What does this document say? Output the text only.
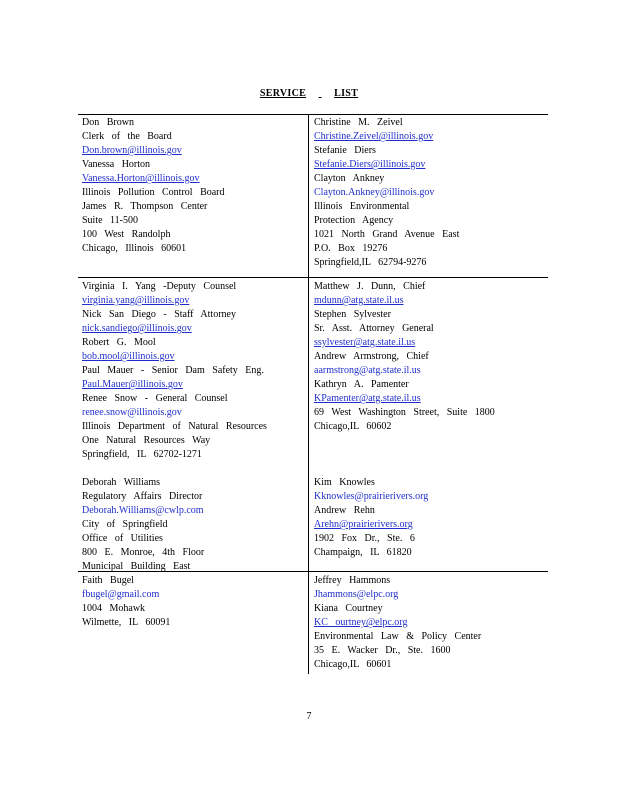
SERVICE	LIST
Don Brown
Clerk of the Board
Don.brown@illinois.gov
Vanessa Horton
Vanessa.Horton@illinois.gov
Illinois Pollution Control Board
James R. Thompson Center
Suite 11-500
100 West Randolph
Chicago, Illinois 60601
Christine M. Zeivel
Christine.Zeivel@illinois.gov
Stefanie Diers
Stefanie.Diers@illinois.gov
Clayton Ankney
Clayton.Ankney@illinois.gov
Illinois Environmental
Protection Agency
1021 North Grand Avenue East
P.O. Box 19276
Springfield,IL 62794-9276
Virginia I. Yang -Deputy Counsel
virginia.yang@illinois.gov
Nick San Diego - Staff Attorney
nick.sandiego@illinois.gov
Robert G. Mool
bob.mool@illinois.gov
Paul Mauer - Senior Dam Safety Eng.
Paul.Mauer@illinois.gov
Renee Snow - General Counsel
renee.snow@illinois.gov
Illinois Department of Natural Resources
One Natural Resources Way
Springfield, IL 62702-1271
Deborah Williams
Regulatory Affairs Director
Deborah.Williams@cwlp.com
City of Springfield
Office of Utilities
800 E. Monroe, 4th Floor
Municipal Building East
Matthew J. Dunn, Chief
mdunn@atg.state.il.us
Stephen Sylvester
Sr. Asst. Attorney General
ssylvester@atg.state.il.us
Andrew Armstrong, Chief
aarmstrong@atg.state.il.us
Kathryn A. Pamenter
KPamenter@atg.state.il.us
69 West Washington Street, Suite 1800
Chicago,IL 60602
Kim Knowles
Kknowles@prairierivers.org
Andrew Rehn
Arehn@prairierivers.org
1902 Fox Dr., Ste. 6
Champaign, IL 61820
Faith Bugel
fbugel@gmail.com
1004 Mohawk
Wilmette, IL 60091
Jeffrey Hammons
Jhammons@elpc.org
Kiana Courtney
KC ourtney@elpc.org
Environmental Law & Policy Center
35 E. Wacker Dr., Ste. 1600
Chicago,IL 60601
7
